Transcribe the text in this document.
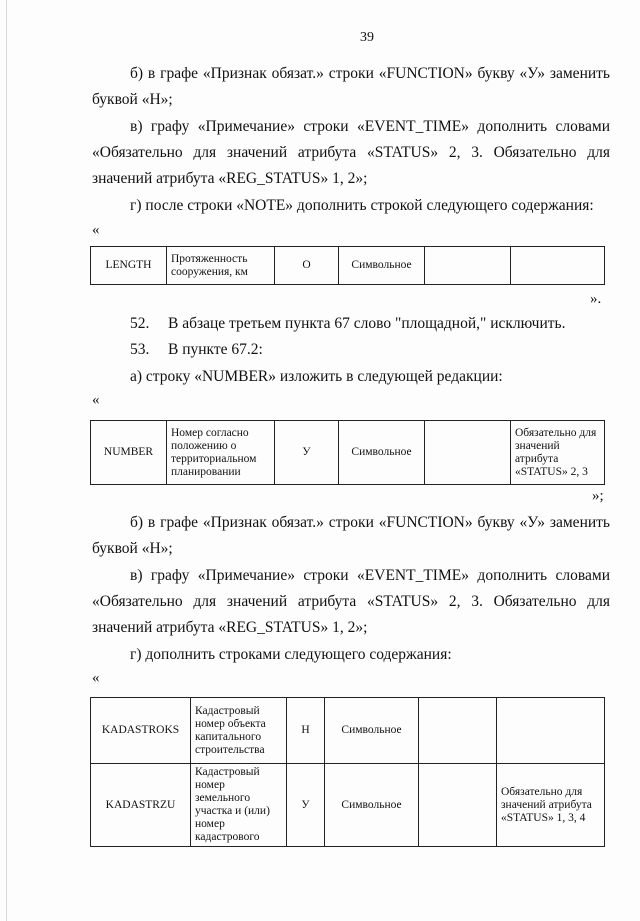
39
б) в графе «Признак обязат.» строки «FUNCTION» букву «У» заменить
буквой «Н»;
в) графу «Примечание» строки «EVENT_TIME» дополнить словами
«Обязательно для значений атрибута «STATUS» 2, 3. Обязательно для
значений атрибута «REG_STATUS» 1, 2»;
г) после строки «NOTE» дополнить строкой следующего содержания:
«
LENGTH	Протяженность сооружения, км	О	Символьное		
».
52. В абзаце третьем пункта 67 слово "площадной," исключить.
53. В пункте 67.2:
а) строку «NUMBER» изложить в следующей редакции:
«
NUMBER	Номер согласно положению о территориальном планировании	У	Символьное		Обязательно для значений атрибута «STATUS» 2, 3
»;
б) в графе «Признак обязат.» строки «FUNCTION» букву «У» заменить
буквой «Н»;
в) графу «Примечание» строки «EVENT_TIME» дополнить словами
«Обязательно для значений атрибута «STATUS» 2, 3. Обязательно для
значений атрибута «REG_STATUS» 1, 2»;
г) дополнить строками следующего содержания:
«
KADASTROKS	Кадастровый номер объекта капитального строительства	Н	Символьное		
KADASTRZU	Кадастровый номер земельного участка и (или) номер кадастрового	У	Символьное		Обязательно для значений атрибута «STATUS» 1, 3, 4
